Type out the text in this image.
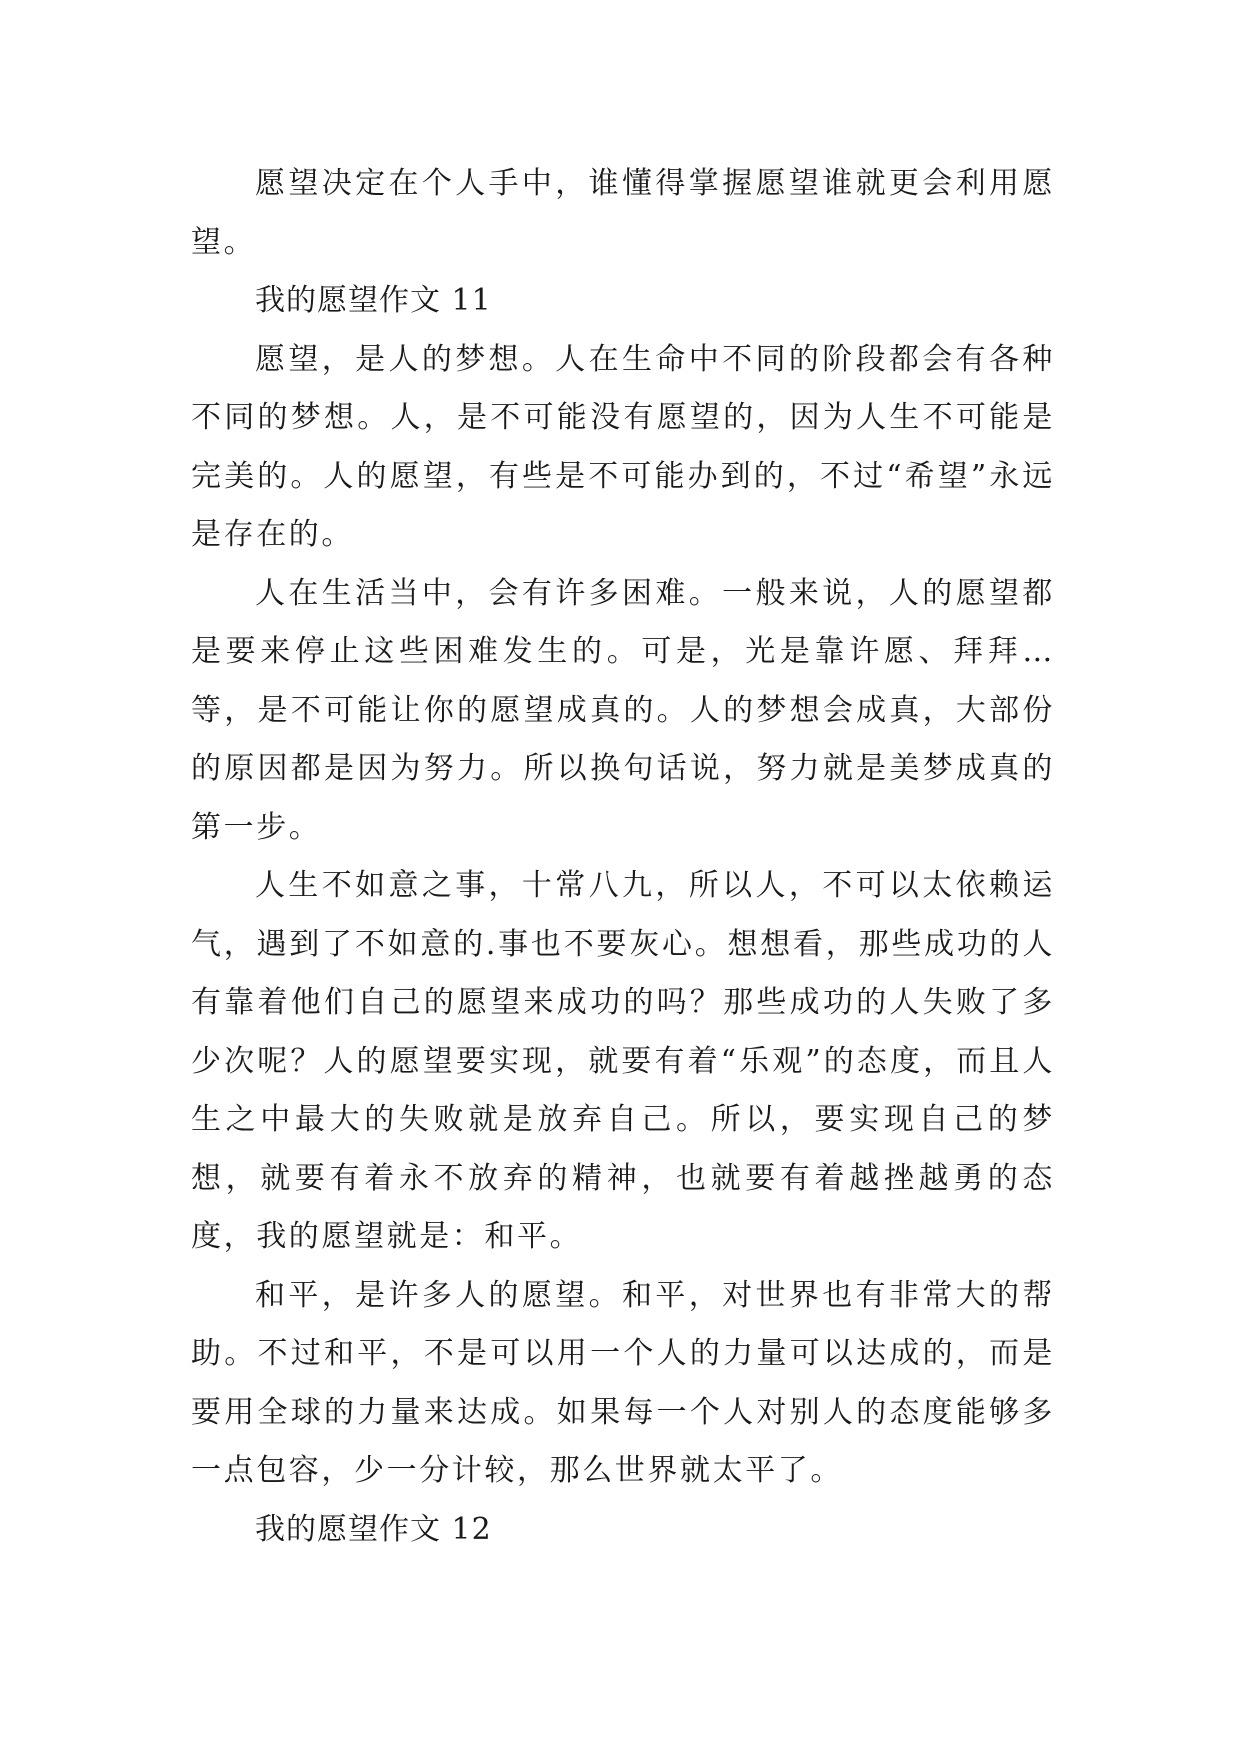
愿望决定在个人手中，谁懂得掌握愿望谁就更会利用愿望。

我的愿望作文 11

愿望，是人的梦想。人在生命中不同的阶段都会有各种不同的梦想。人，是不可能没有愿望的，因为人生不可能是完美的。人的愿望，有些是不可能办到的，不过“希望”永远是存在的。

人在生活当中，会有许多困难。一般来说，人的愿望都是要来停止这些困难发生的。可是，光是靠许愿、拜拜…等，是不可能让你的愿望成真的。人的梦想会成真，大部份的原因都是因为努力。所以换句话说，努力就是美梦成真的第一步。

人生不如意之事，十常八九，所以人，不可以太依赖运气，遇到了不如意的.事也不要灰心。想想看，那些成功的人有靠着他们自己的愿望来成功的吗？那些成功的人失败了多少次呢？人的愿望要实现，就要有着“乐观”的态度，而且人生之中最大的失败就是放弃自己。所以，要实现自己的梦想，就要有着永不放弃的精神，也就要有着越挫越勇的态度，我的愿望就是：和平。

和平，是许多人的愿望。和平，对世界也有非常大的帮助。不过和平，不是可以用一个人的力量可以达成的，而是要用全球的力量来达成。如果每一个人对别人的态度能够多一点包容，少一分计较，那么世界就太平了。

我的愿望作文 12
